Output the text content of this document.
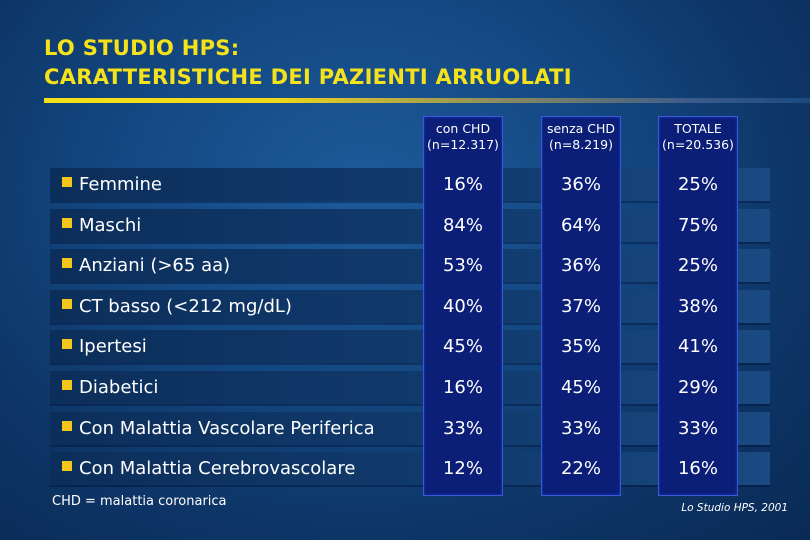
LO STUDIO HPS:
CARATTERISTICHE DEI PAZIENTI ARRUOLATI
con CHD
(n=12.317)
senza CHD
(n=8.219)
TOTALE
(n=20.536)
Femmine	16%	36%	25%
Maschi	84%	64%	75%
Anziani (>65 aa)	53%	36%	25%
CT basso (<212 mg/dL)	40%	37%	38%
Ipertesi	45%	35%	41%
Diabetici	16%	45%	29%
Con Malattia Vascolare Periferica	33%	33%	33%
Con Malattia Cerebrovascolare	12%	22%	16%
CHD = malattia coronarica	Lo Studio HPS, 2001
